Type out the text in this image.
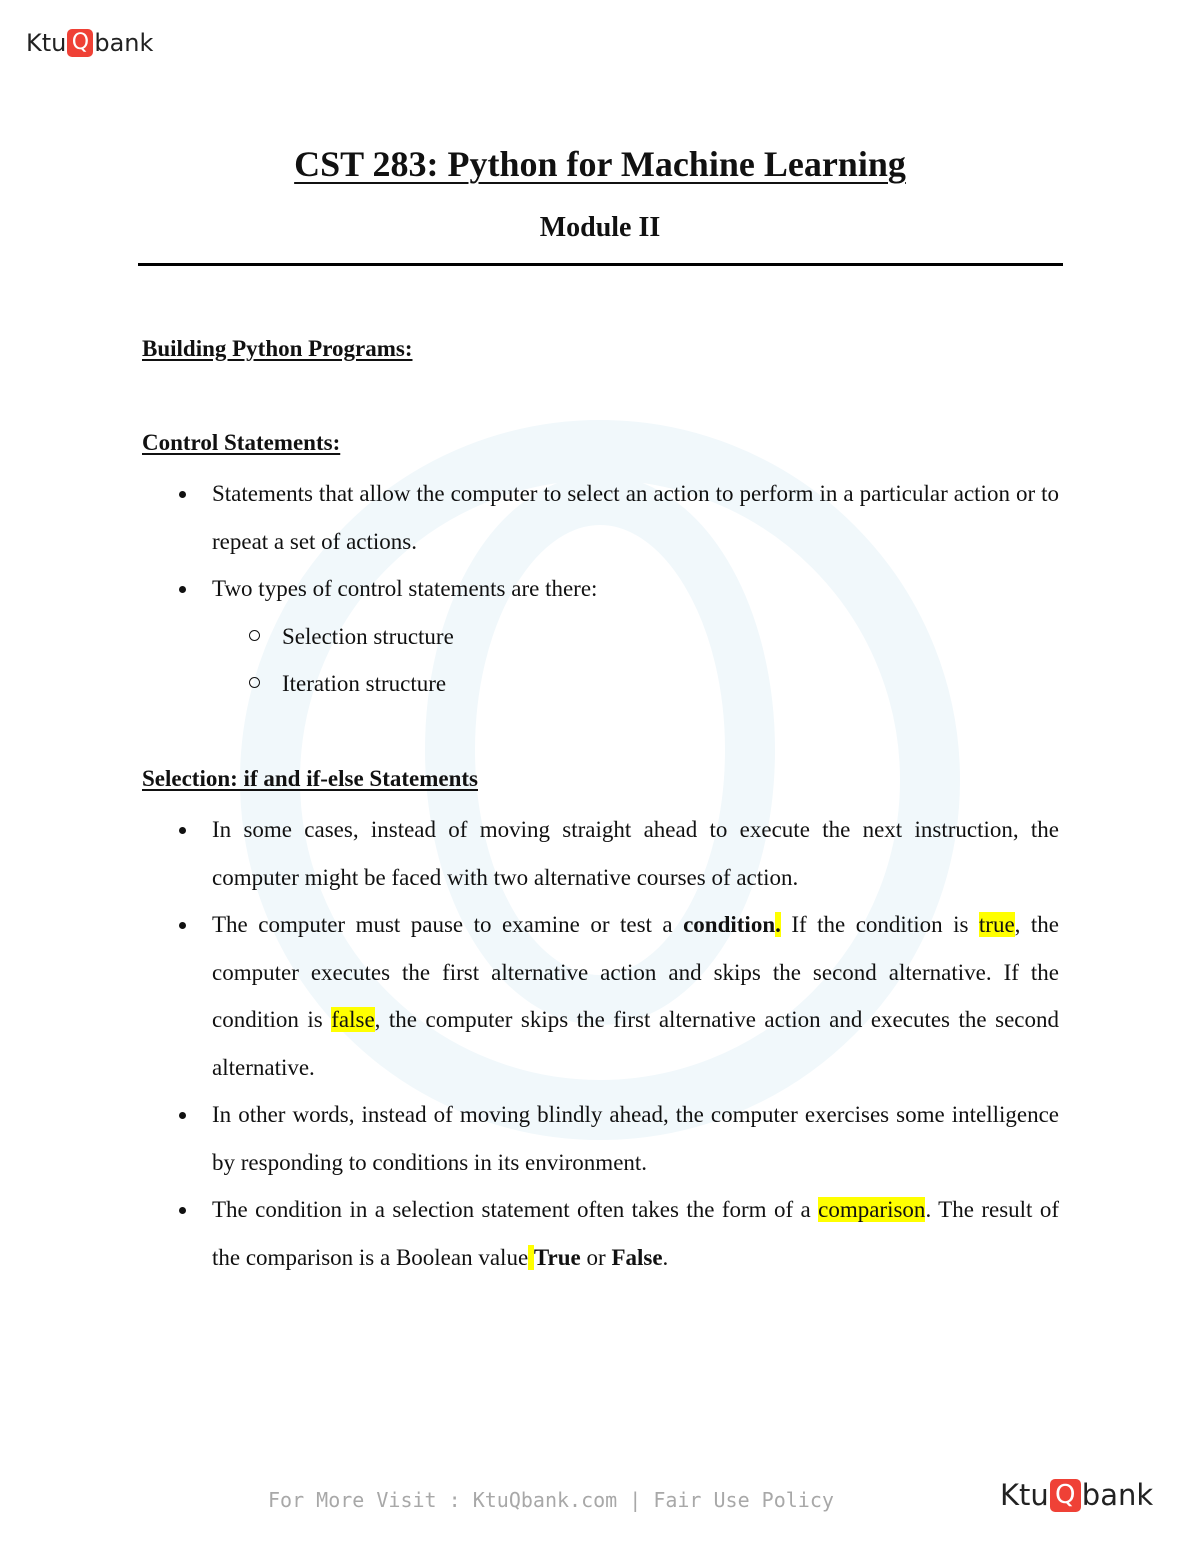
Ktu Q bank
CST 283: Python for Machine Learning
Module II
Building Python Programs:
Control Statements:
Statements that allow the computer to select an action to perform in a particular action or to repeat a set of actions.
Two types of control statements are there:
Selection structure
Iteration structure
Selection: if and if-else Statements
In some cases, instead of moving straight ahead to execute the next instruction, the computer might be faced with two alternative courses of action.
The computer must pause to examine or test a condition. If the condition is true, the computer executes the first alternative action and skips the second alternative. If the condition is false, the computer skips the first alternative action and executes the second alternative.
In other words, instead of moving blindly ahead, the computer exercises some intelligence by responding to conditions in its environment.
The condition in a selection statement often takes the form of a comparison. The result of the comparison is a Boolean value True or False.
For More Visit : KtuQbank.com | Fair Use Policy	Ktu Q bank
